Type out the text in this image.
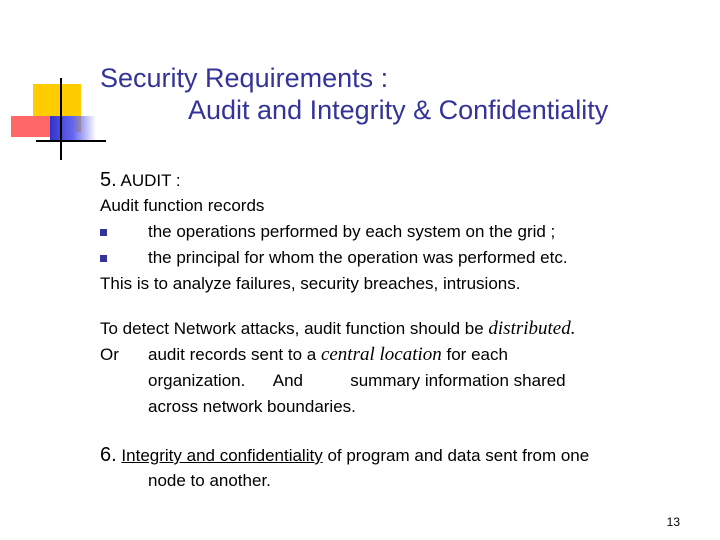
Security Requirements :
Audit and Integrity & Confidentiality
5. AUDIT :
Audit function records
the operations performed by each system on the grid ;
the principal for whom the operation was performed etc.
This is to analyze failures, security breaches, intrusions.
To detect Network attacks, audit function should be distributed.
Or audit records sent to a central location for each
organization.      And          summary information shared
across network boundaries.
6. Integrity and confidentiality of program and data sent from one
node to another.
13
